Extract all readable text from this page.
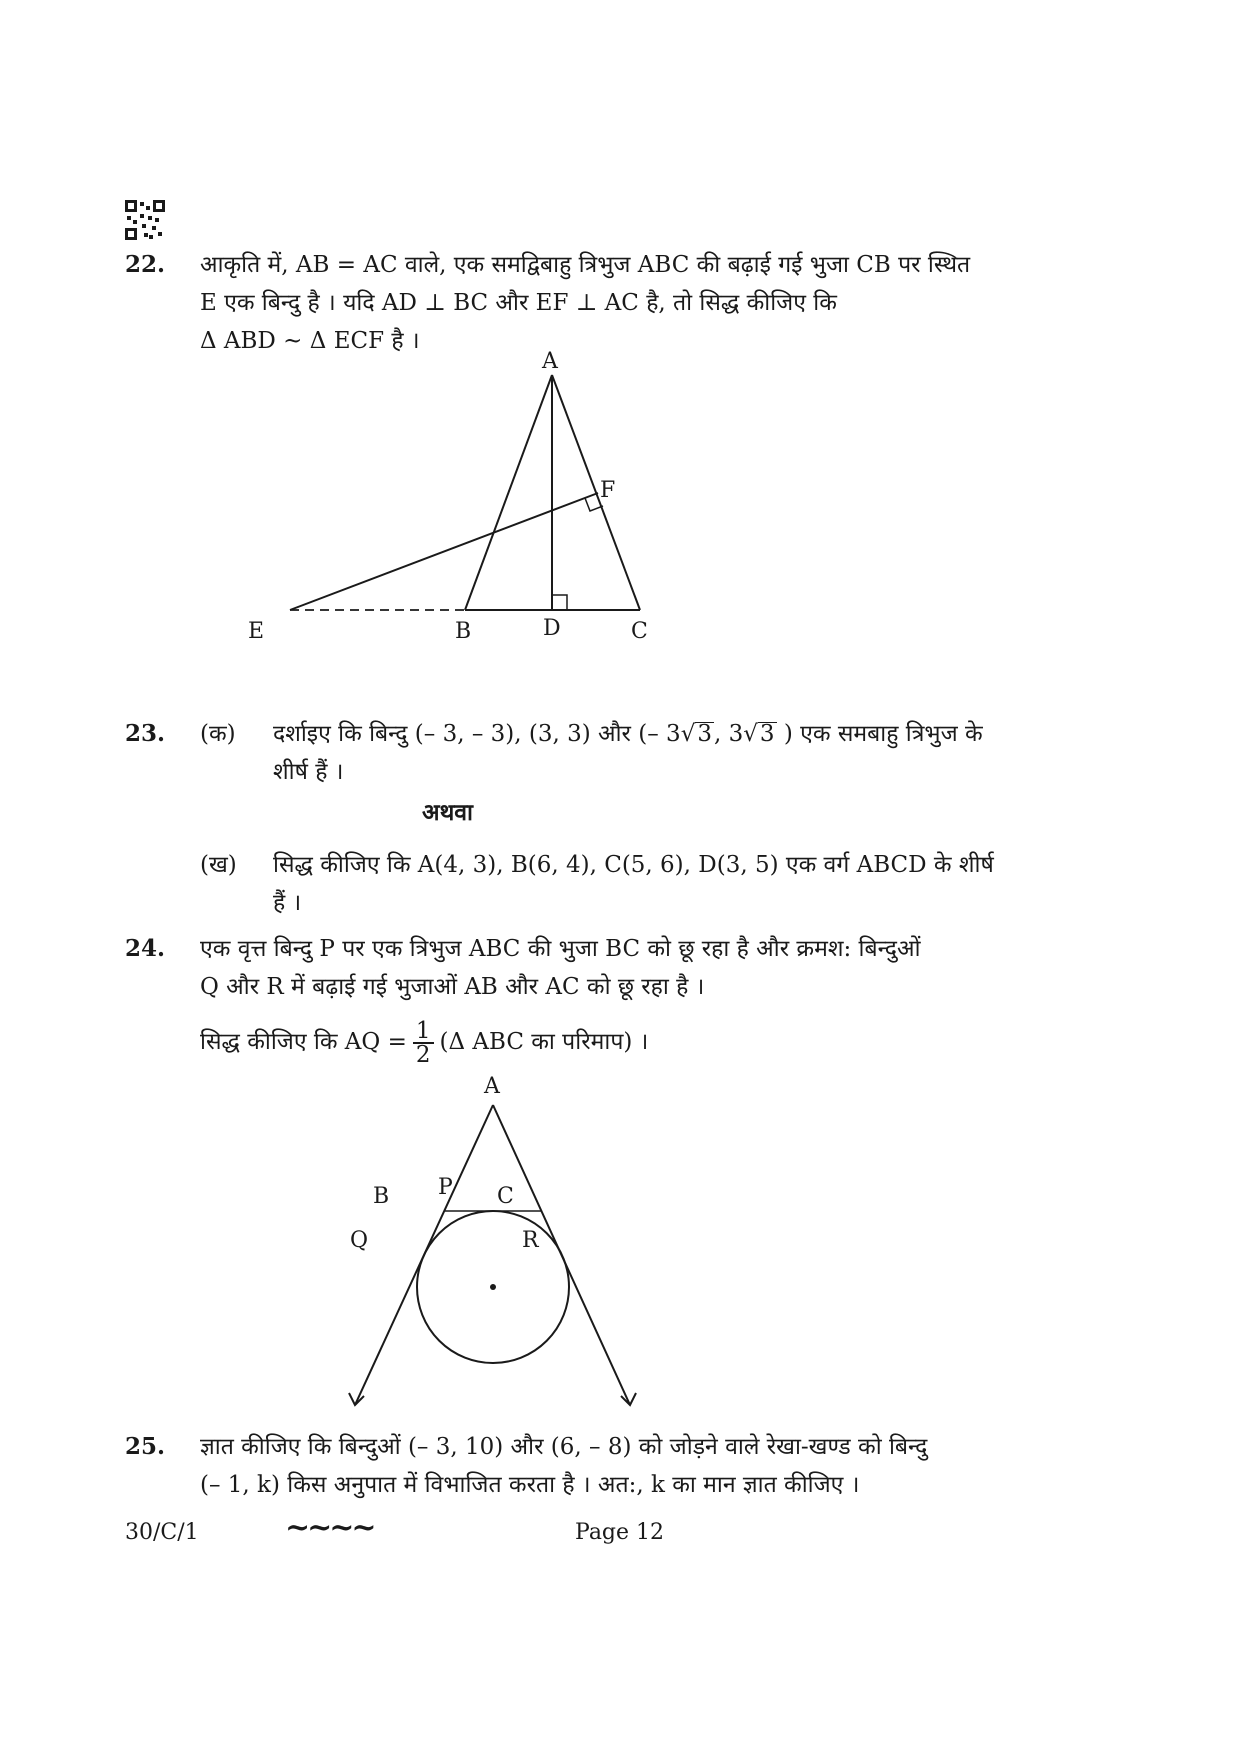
22.	आकृति में, AB = AC वाले, एक समद्विबाहु त्रिभुज ABC की बढ़ाई गई भुजा CB पर स्थित
E एक बिन्दु है । यदि AD ⊥ BC और EF ⊥ AC है, तो सिद्ध कीजिए कि
Δ ABD ~ Δ ECF है ।
A
F
E	B	D	C
23.	(क) दर्शाइए कि बिन्दु (– 3, – 3), (3, 3) और (– 3√3, 3√3 ) एक समबाहु त्रिभुज के
शीर्ष हैं ।
अथवा
(ख) सिद्ध कीजिए कि A(4, 3), B(6, 4), C(5, 6), D(3, 5) एक वर्ग ABCD के शीर्ष
हैं ।
24.	एक वृत्त बिन्दु P पर एक त्रिभुज ABC की भुजा BC को छू रहा है और क्रमश: बिन्दुओं
Q और R में बढ़ाई गई भुजाओं AB और AC को छू रहा है ।
सिद्ध कीजिए कि AQ = $\frac{1}{2} (\Delta$ ABC का परिमाप) ।
A
B P C
Q	R
25.	ज्ञात कीजिए कि बिन्दुओं (– 3, 10) और (6, – 8) को जोड़ने वाले रेखा-खण्ड को बिन्दु
(– 1, k) किस अनुपात में विभाजित करता है । अत:, k का मान ज्ञात कीजिए ।
30/C/1	~~~~	Page 12
